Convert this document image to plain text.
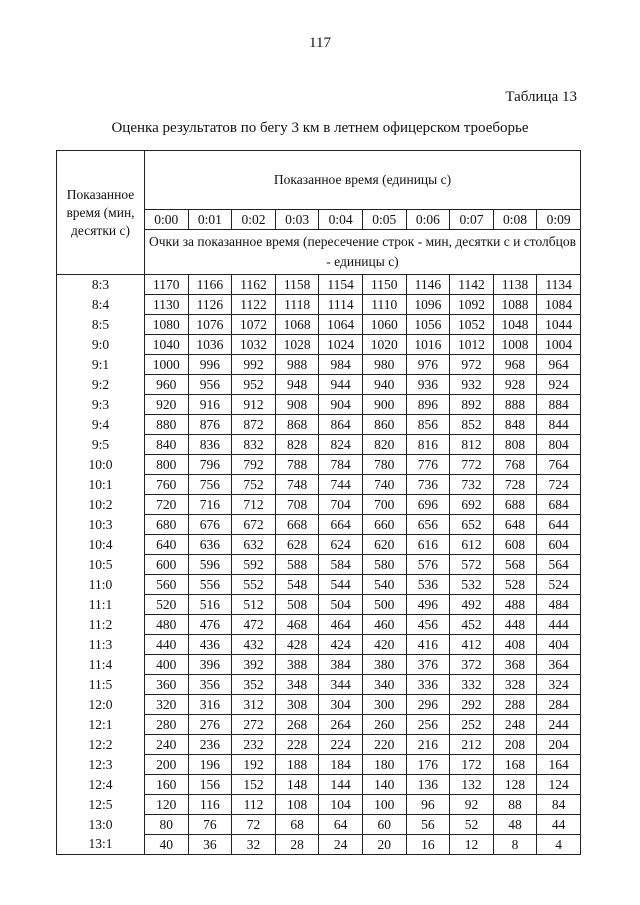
117
Таблица 13
Оценка результатов по бегу 3 км в летнем офицерском троеборье
Показанное время (мин, десятки с)	Показанное время (единицы с)									
	0:00	0:01	0:02	0:03	0:04	0:05	0:06	0:07	0:08	0:09
	Очки за показанное время (пересечение строк - мин, десятки с и столбцов - единицы с)									
8:3	1170	1166	1162	1158	1154	1150	1146	1142	1138	1134
8:4	1130	1126	1122	1118	1114	1110	1096	1092	1088	1084
8:5	1080	1076	1072	1068	1064	1060	1056	1052	1048	1044
9:0	1040	1036	1032	1028	1024	1020	1016	1012	1008	1004
9:1	1000	996	992	988	984	980	976	972	968	964
9:2	960	956	952	948	944	940	936	932	928	924
9:3	920	916	912	908	904	900	896	892	888	884
9:4	880	876	872	868	864	860	856	852	848	844
9:5	840	836	832	828	824	820	816	812	808	804
10:0	800	796	792	788	784	780	776	772	768	764
10:1	760	756	752	748	744	740	736	732	728	724
10:2	720	716	712	708	704	700	696	692	688	684
10:3	680	676	672	668	664	660	656	652	648	644
10:4	640	636	632	628	624	620	616	612	608	604
10:5	600	596	592	588	584	580	576	572	568	564
11:0	560	556	552	548	544	540	536	532	528	524
11:1	520	516	512	508	504	500	496	492	488	484
11:2	480	476	472	468	464	460	456	452	448	444
11:3	440	436	432	428	424	420	416	412	408	404
11:4	400	396	392	388	384	380	376	372	368	364
11:5	360	356	352	348	344	340	336	332	328	324
12:0	320	316	312	308	304	300	296	292	288	284
12:1	280	276	272	268	264	260	256	252	248	244
12:2	240	236	232	228	224	220	216	212	208	204
12:3	200	196	192	188	184	180	176	172	168	164
12:4	160	156	152	148	144	140	136	132	128	124
12:5	120	116	112	108	104	100	96	92	88	84
13:0	80	76	72	68	64	60	56	52	48	44
13:1	40	36	32	28	24	20	16	12	8	4
